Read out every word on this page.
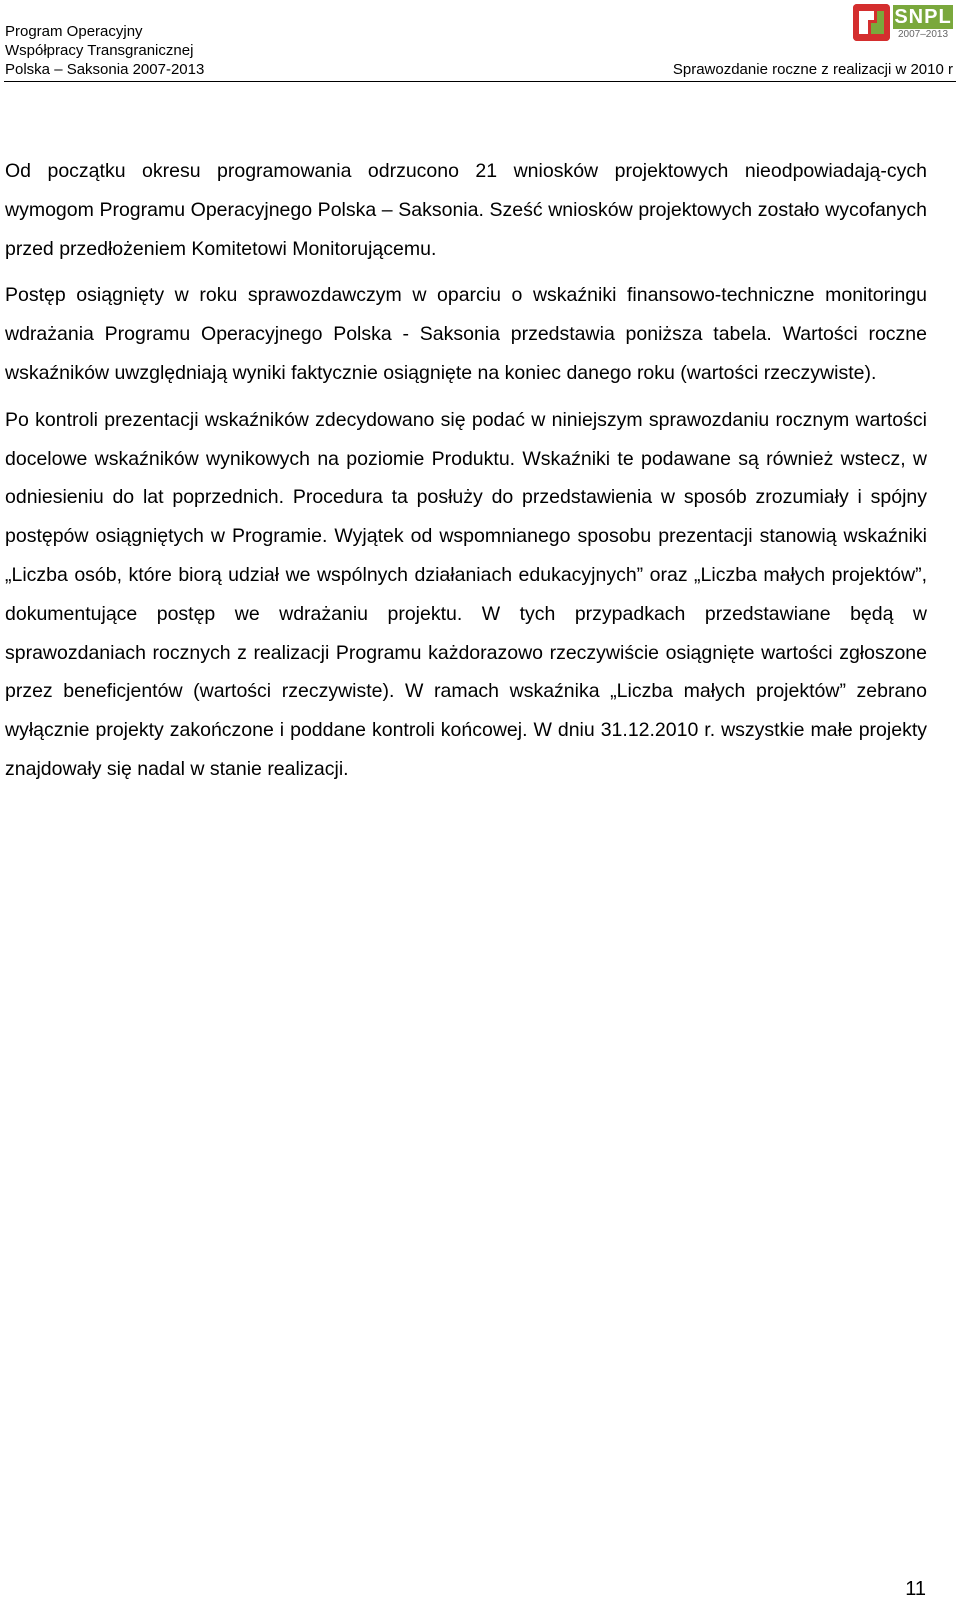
Program Operacyjny
Współpracy Transgranicznej
Polska – Saksonia 2007-2013
SNPL
2007–2013
Sprawozdanie roczne z realizacji w 2010 r

Od początku okresu programowania odrzucono 21 wniosków projektowych nieodpowiadają-cych wymogom Programu Operacyjnego Polska – Saksonia. Sześć wniosków projektowych zostało wycofanych przed przedłożeniem Komitetowi Monitorującemu.

Postęp osiągnięty w roku sprawozdawczym w oparciu o wskaźniki finansowo-techniczne monitoringu wdrażania Programu Operacyjnego Polska - Saksonia przedstawia poniższa tabela. Wartości roczne wskaźników uwzględniają wyniki faktycznie osiągnięte na koniec danego roku (wartości rzeczywiste).

Po kontroli prezentacji wskaźników zdecydowano się podać w niniejszym sprawozdaniu rocznym wartości docelowe wskaźników wynikowych na poziomie Produktu. Wskaźniki te podawane są również wstecz, w odniesieniu do lat poprzednich. Procedura ta posłuży do przedstawienia w sposób zrozumiały i spójny postępów osiągniętych w Programie. Wyjątek od wspomnianego sposobu prezentacji stanowią wskaźniki „Liczba osób, które biorą udział we wspólnych działaniach edukacyjnych” oraz „Liczba małych projektów”, dokumentujące postęp we wdrażaniu projektu. W tych przypadkach przedstawiane będą w sprawozdaniach rocznych z realizacji Programu każdorazowo rzeczywiście osiągnięte wartości zgłoszone przez beneficjentów (wartości rzeczywiste). W ramach wskaźnika „Liczba małych projektów” zebrano wyłącznie projekty zakończone i poddane kontroli końcowej. W dniu 31.12.2010 r. wszystkie małe projekty znajdowały się nadal w stanie realizacji.

11
